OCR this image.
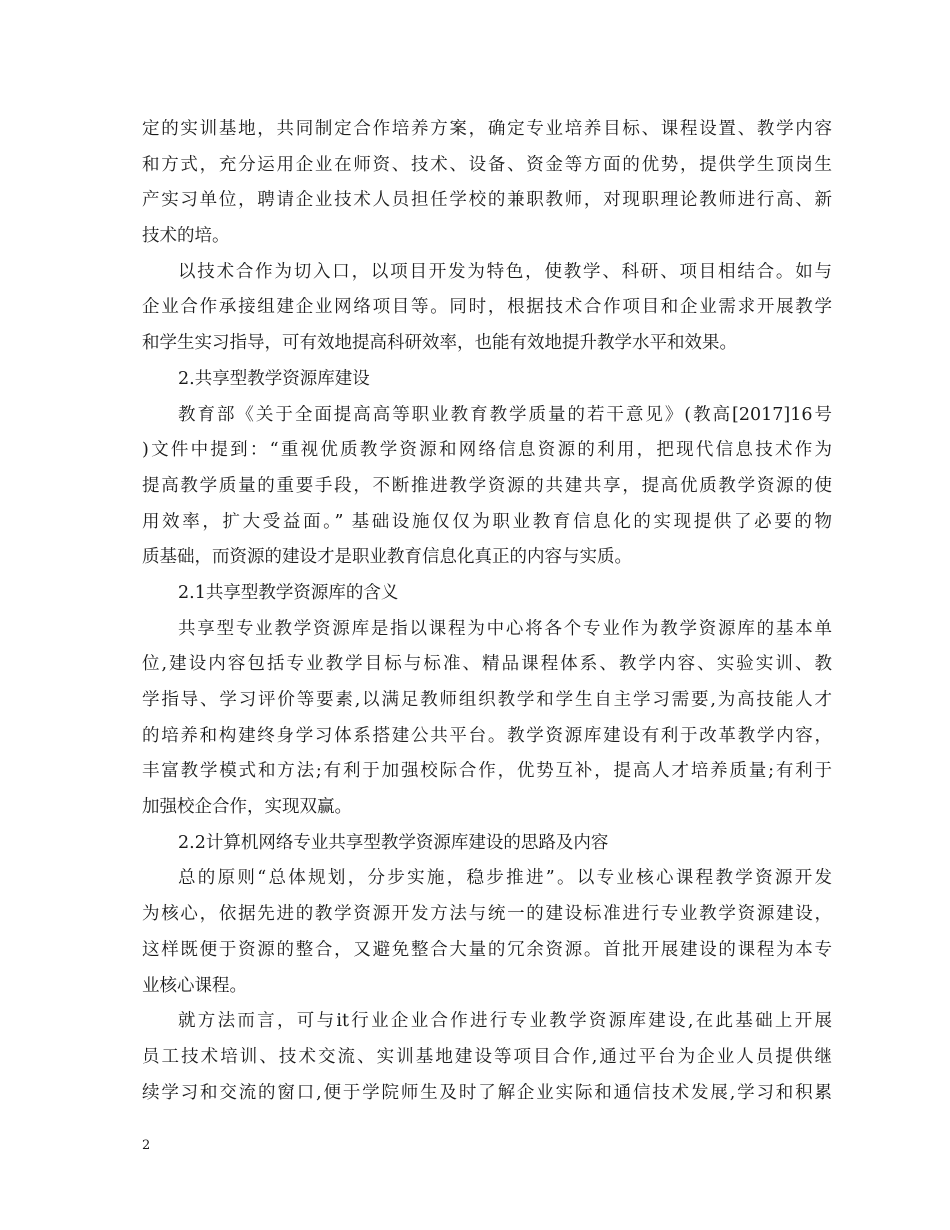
定的实训基地，共同制定合作培养方案，确定专业培养目标、课程设置、教学内容
和方式，充分运用企业在师资、技术、设备、资金等方面的优势，提供学生顶岗生
产实习单位，聘请企业技术人员担任学校的兼职教师，对现职理论教师进行高、新
技术的培。
以技术合作为切入口，以项目开发为特色，使教学、科研、项目相结合。如与
企业合作承接组建企业网络项目等。同时，根据技术合作项目和企业需求开展教学
和学生实习指导，可有效地提高科研效率，也能有效地提升教学水平和效果。
2.共享型教学资源库建设
教育部《关于全面提高高等职业教育教学质量的若干意见》(教高[2017]16号
)文件中提到：“重视优质教学资源和网络信息资源的利用，把现代信息技术作为
提高教学质量的重要手段，不断推进教学资源的共建共享，提高优质教学资源的使
用效率，扩大受益面。” 基础设施仅仅为职业教育信息化的实现提供了必要的物
质基础，而资源的建设才是职业教育信息化真正的内容与实质。
2.1共享型教学资源库的含义
共享型专业教学资源库是指以课程为中心将各个专业作为教学资源库的基本单
位,建设内容包括专业教学目标与标准、精品课程体系、教学内容、实验实训、教
学指导、学习评价等要素,以满足教师组织教学和学生自主学习需要,为高技能人才
的培养和构建终身学习体系搭建公共平台。教学资源库建设有利于改革教学内容，
丰富教学模式和方法;有利于加强校际合作，优势互补，提高人才培养质量;有利于
加强校企合作，实现双赢。
2.2计算机网络专业共享型教学资源库建设的思路及内容
总的原则“总体规划，分步实施，稳步推进”。以专业核心课程教学资源开发
为核心，依据先进的教学资源开发方法与统一的建设标准进行专业教学资源建设，
这样既便于资源的整合，又避免整合大量的冗余资源。首批开展建设的课程为本专
业核心课程。
就方法而言，可与it行业企业合作进行专业教学资源库建设,在此基础上开展
员工技术培训、技术交流、实训基地建设等项目合作,通过平台为企业人员提供继
续学习和交流的窗口,便于学院师生及时了解企业实际和通信技术发展,学习和积累
2
